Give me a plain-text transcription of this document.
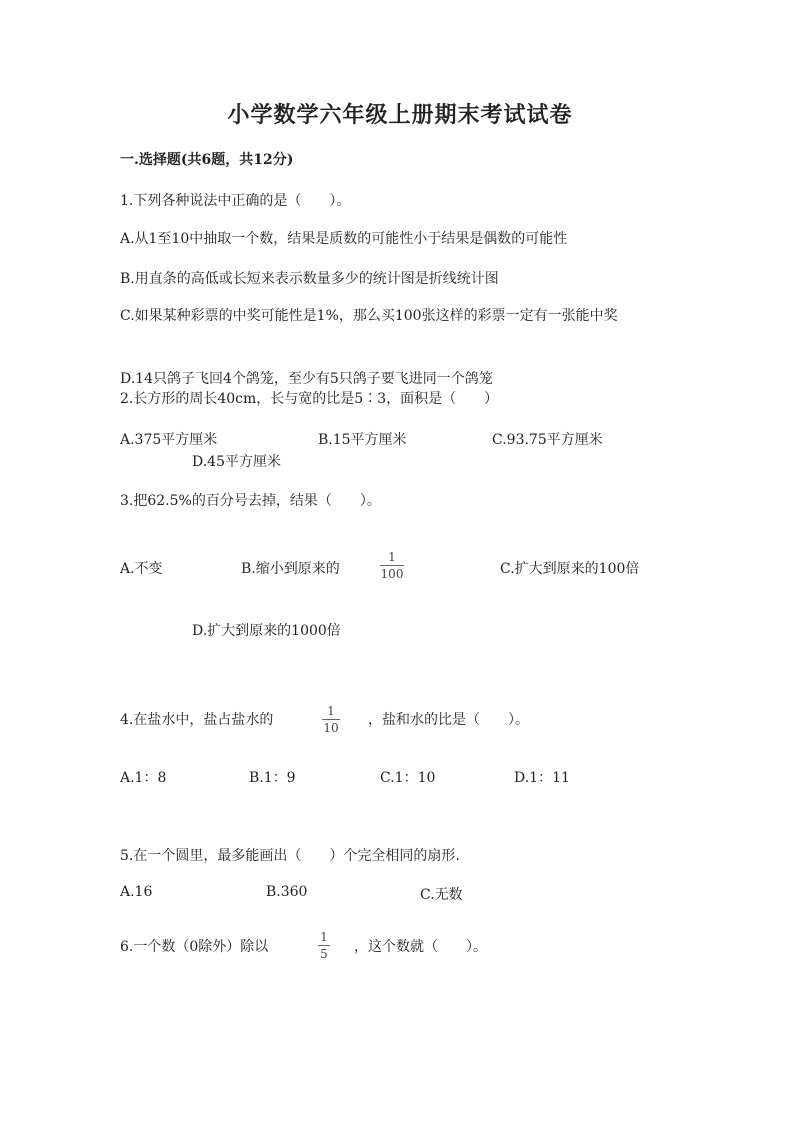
小学数学六年级上册期末考试试卷
一.选择题(共6题，共12分)
1.下列各种说法中正确的是（　　）。
A.从1至10中抽取一个数，结果是质数的可能性小于结果是偶数的可能性
B.用直条的高低或长短来表示数量多少的统计图是折线统计图
C.如果某种彩票的中奖可能性是1%，那么买100张这样的彩票一定有一张能中奖
D.14只鸽子飞回4个鸽笼，至少有5只鸽子要飞进同一个鸽笼
2.长方形的周长40cm，长与宽的比是5∶3，面积是（　　）
A.375平方厘米	B.15平方厘米	C.93.75平方厘米
D.45平方厘米
3.把62.5%的百分号去掉，结果（　　）。
A.不变	B.缩小到原来的
1
100	C.扩大到原来的100倍
D.扩大到原来的1000倍
4.在盐水中，盐占盐水的
1
10 ，盐和水的比是（　　）。
A.1：8	B.1：9	C.1：10	D.1：11
5.在一个圆里，最多能画出（　　）个完全相同的扇形.
A.16	B.360	C.无数
6.一个数（0除外）除以
1
5 ，这个数就（　　）。
